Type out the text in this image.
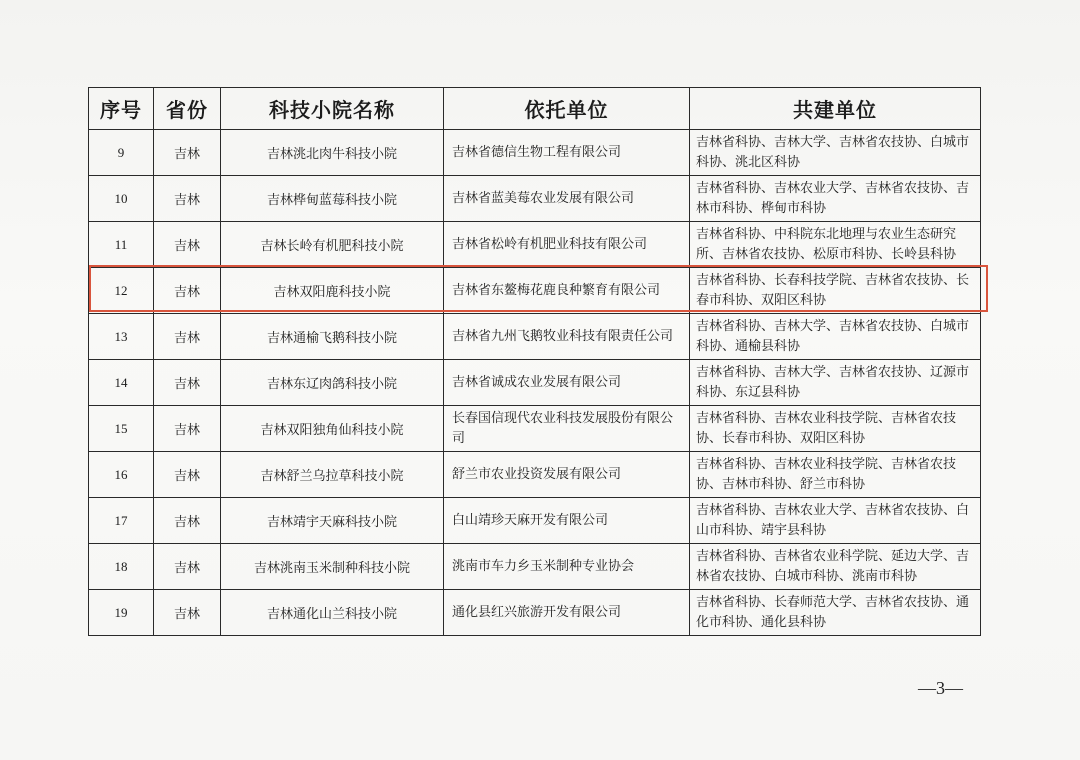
序号	省份	科技小院名称	依托单位	共建单位
9	吉林	吉林洮北肉牛科技小院	吉林省德信生物工程有限公司	吉林省科协、吉林大学、吉林省农技协、白城市科协、洮北区科协
10	吉林	吉林桦甸蓝莓科技小院	吉林省蓝美莓农业发展有限公司	吉林省科协、吉林农业大学、吉林省农技协、吉林市科协、桦甸市科协
11	吉林	吉林长岭有机肥科技小院	吉林省松岭有机肥业科技有限公司	吉林省科协、中科院东北地理与农业生态研究所、吉林省农技协、松原市科协、长岭县科协
12	吉林	吉林双阳鹿科技小院	吉林省东鳌梅花鹿良种繁育有限公司	吉林省科协、长春科技学院、吉林省农技协、长春市科协、双阳区科协
13	吉林	吉林通榆飞鹅科技小院	吉林省九州飞鹅牧业科技有限责任公司	吉林省科协、吉林大学、吉林省农技协、白城市科协、通榆县科协
14	吉林	吉林东辽肉鸽科技小院	吉林省诚成农业发展有限公司	吉林省科协、吉林大学、吉林省农技协、辽源市科协、东辽县科协
15	吉林	吉林双阳独角仙科技小院	长春国信现代农业科技发展股份有限公司	吉林省科协、吉林农业科技学院、吉林省农技协、长春市科协、双阳区科协
16	吉林	吉林舒兰乌拉草科技小院	舒兰市农业投资发展有限公司	吉林省科协、吉林农业科技学院、吉林省农技协、吉林市科协、舒兰市科协
17	吉林	吉林靖宇天麻科技小院	白山靖珍天麻开发有限公司	吉林省科协、吉林农业大学、吉林省农技协、白山市科协、靖宇县科协
18	吉林	吉林洮南玉米制种科技小院	洮南市车力乡玉米制种专业协会	吉林省科协、吉林省农业科学院、延边大学、吉林省农技协、白城市科协、洮南市科协
19	吉林	吉林通化山兰科技小院	通化县红兴旅游开发有限公司	吉林省科协、长春师范大学、吉林省农技协、通化市科协、通化县科协
—3—
